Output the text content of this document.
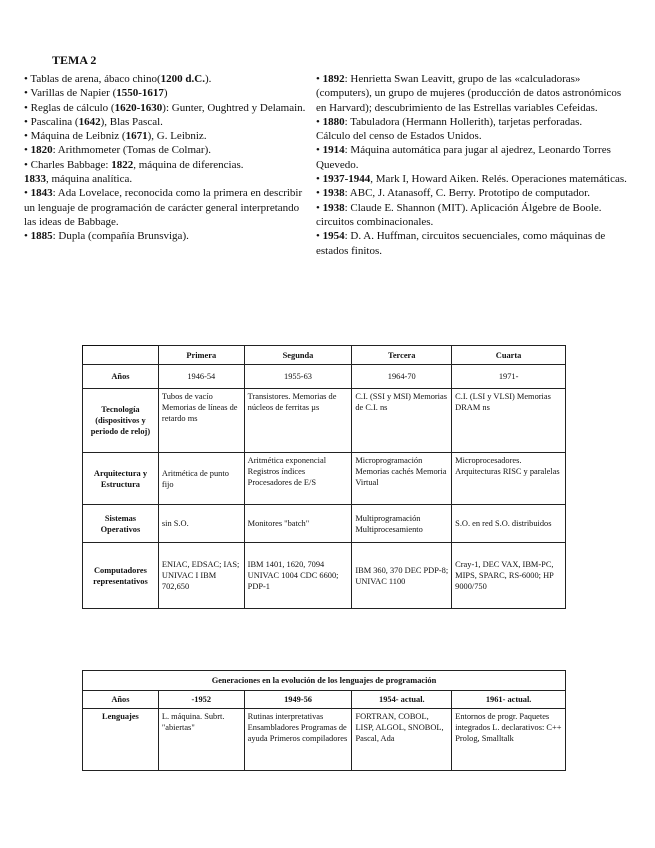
TEMA 2

• Tablas de arena, ábaco chino(1200 d.C.).

• Varillas de Napier (1550-1617)

• Reglas de cálculo (1620-1630): Gunter, Oughtred y Delamain.

• Pascalina (1642), Blas Pascal.

• Máquina de Leibniz (1671), G. Leibniz.

• 1820: Arithmometer (Tomas de Colmar).

• Charles Babbage: 1822, máquina de diferencias.

1833, máquina analítica.

• 1843: Ada Lovelace, reconocida como la primera en describir un lenguaje de programación de carácter general interpretando las ideas de Babbage.

• 1885: Dupla (compañía Brunsviga).

• 1892: Henrietta Swan Leavitt, grupo de las «calculadoras» (computers), un grupo de mujeres (producción de datos astronómicos en Harvard); descubrimiento de las Estrellas variables Cefeidas.

• 1880: Tabuladora (Hermann Hollerith), tarjetas perforadas.

Cálculo del censo de Estados Unidos.

• 1914: Máquina automática para jugar al ajedrez, Leonardo Torres Quevedo.

• 1937-1944, Mark I, Howard Aiken. Relés. Operaciones matemáticas.

• 1938: ABC, J. Atanasoff, C. Berry. Prototipo de computador.

• 1938: Claude E. Shannon (MIT). Aplicación Álgebre de Boole. circuitos combinacionales.

• 1954: D. A. Huffman, circuitos secuenciales, como máquinas de estados finitos.

	Primera	Segunda	Tercera	Cuarta
Años	1946-54	1955-63	1964-70	1971-
Tecnología (dispositivos y periodo de reloj)	Tubos de vacío Memorias de líneas de retardo ms	Transistores. Memorias de núcleos de ferritas µs	C.I. (SSI y MSI) Memorias de C.I. ns	C.I. (LSI y VLSI) Memorias DRAM ns
Arquitectura y Estructura	Aritmética de punto fijo	Aritmética exponencial Registros índices Procesadores de E/S	Microprogramación Memorias cachés Memoria Virtual	Microprocesadores. Arquitecturas RISC y paralelas
Sistemas Operativos	sin S.O.	Monitores "batch"	Multiprogramación Multiprocesamiento	S.O. en red S.O. distribuidos
Computadores representativos	ENIAC, EDSAC; IAS; UNIVAC I IBM 702,650	IBM 1401, 1620, 7094 UNIVAC 1004 CDC 6600; PDP-1	IBM 360, 370 DEC PDP-8; UNIVAC 1100	Cray-1, DEC VAX, IBM-PC, MIPS, SPARC, RS-6000; HP 9000/750
Generaciones en la evolución de los lenguajes de programación				
Años	-1952	1949-56	1954- actual.	1961- actual.
Lenguajes	L. máquina. Subrt. "abiertas"	Rutinas interpretativas Ensambladores Programas de ayuda Primeros compiladores	FORTRAN, COBOL, LISP, ALGOL, SNOBOL, Pascal, Ada	Entornos de progr. Paquetes integrados L. declarativos: C++ Prolog, Smalltalk
